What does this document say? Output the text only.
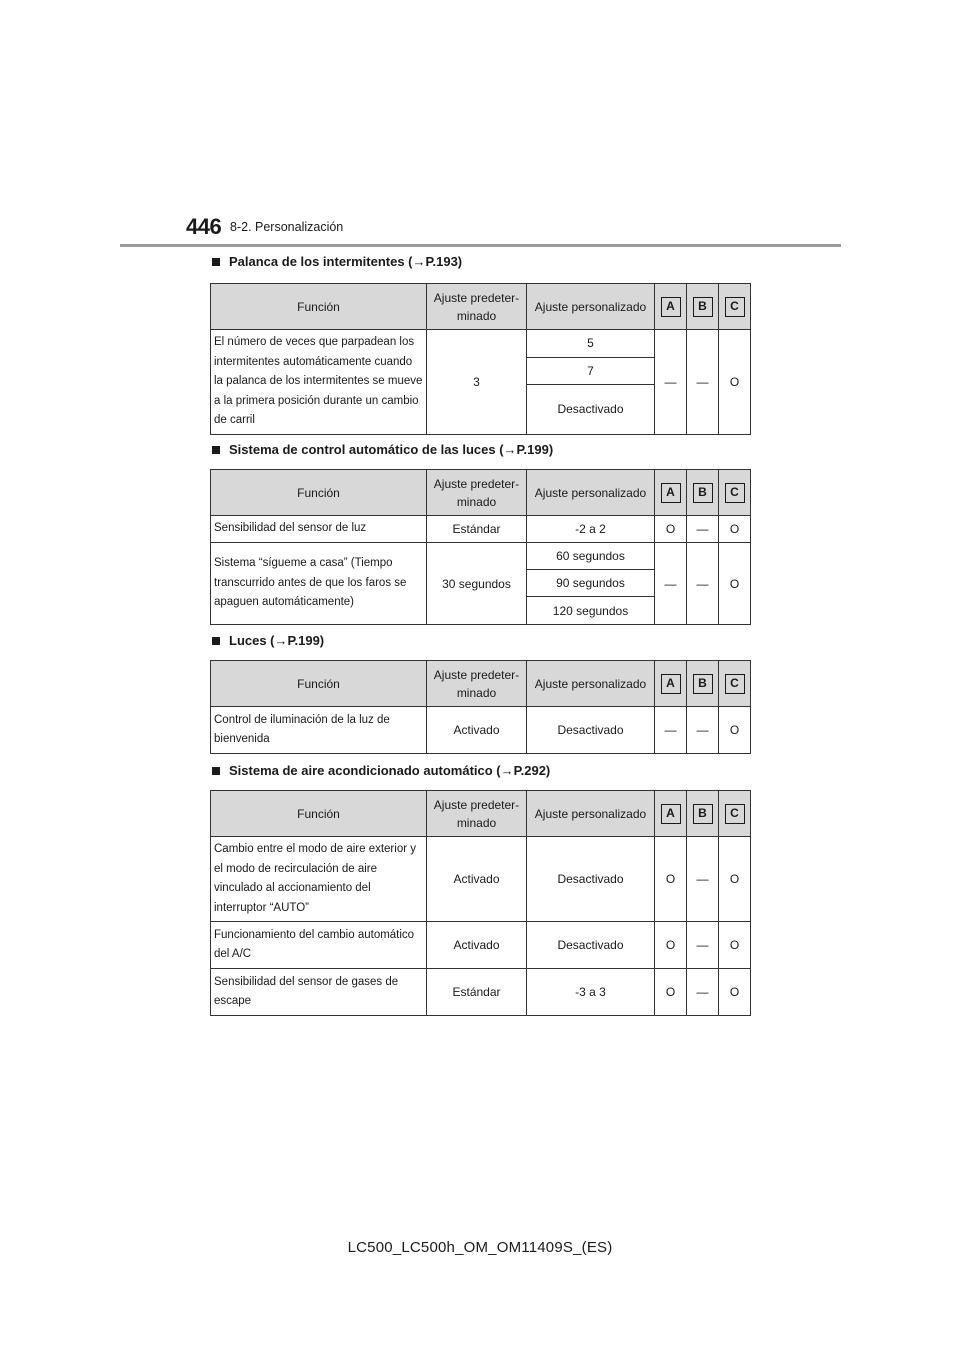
446 8-2. Personalización
Palanca de los intermitentes (→P.193)
Función	Ajuste predeter-
minado	Ajuste personalizado	A	B	C
El número de veces que parpadean los intermitentes automáticamente cuando la palanca de los intermitentes se mueve a la primera posición durante un cambio de carril	3	5	—	—	O
		7			
		Desactivado			
Sistema de control automático de las luces (→P.199)
Función	Ajuste predeter-
minado	Ajuste personalizado	A	B	C
Sensibilidad del sensor de luz	Estándar	-2 a 2	O	—	O
Sistema “sígueme a casa” (Tiempo transcurrido antes de que los faros se apaguen automáticamente)	30 segundos	60 segundos	—	—	O
		90 segundos			
		120 segundos			
Luces (→P.199)
Función	Ajuste predeter-
minado	Ajuste personalizado	A	B	C
Control de iluminación de la luz de bienvenida	Activado	Desactivado	—	—	O
Sistema de aire acondicionado automático (→P.292)
Función	Ajuste predeter-
minado	Ajuste personalizado	A	B	C
Cambio entre el modo de aire exterior y el modo de recirculación de aire vinculado al accionamiento del interruptor “AUTO”	Activado	Desactivado	O	—	O
Funcionamiento del cambio automático del A/C	Activado	Desactivado	O	—	O
Sensibilidad del sensor de gases de escape	Estándar	-3 a 3	O	—	O
LC500_LC500h_OM_OM11409S_(ES)
